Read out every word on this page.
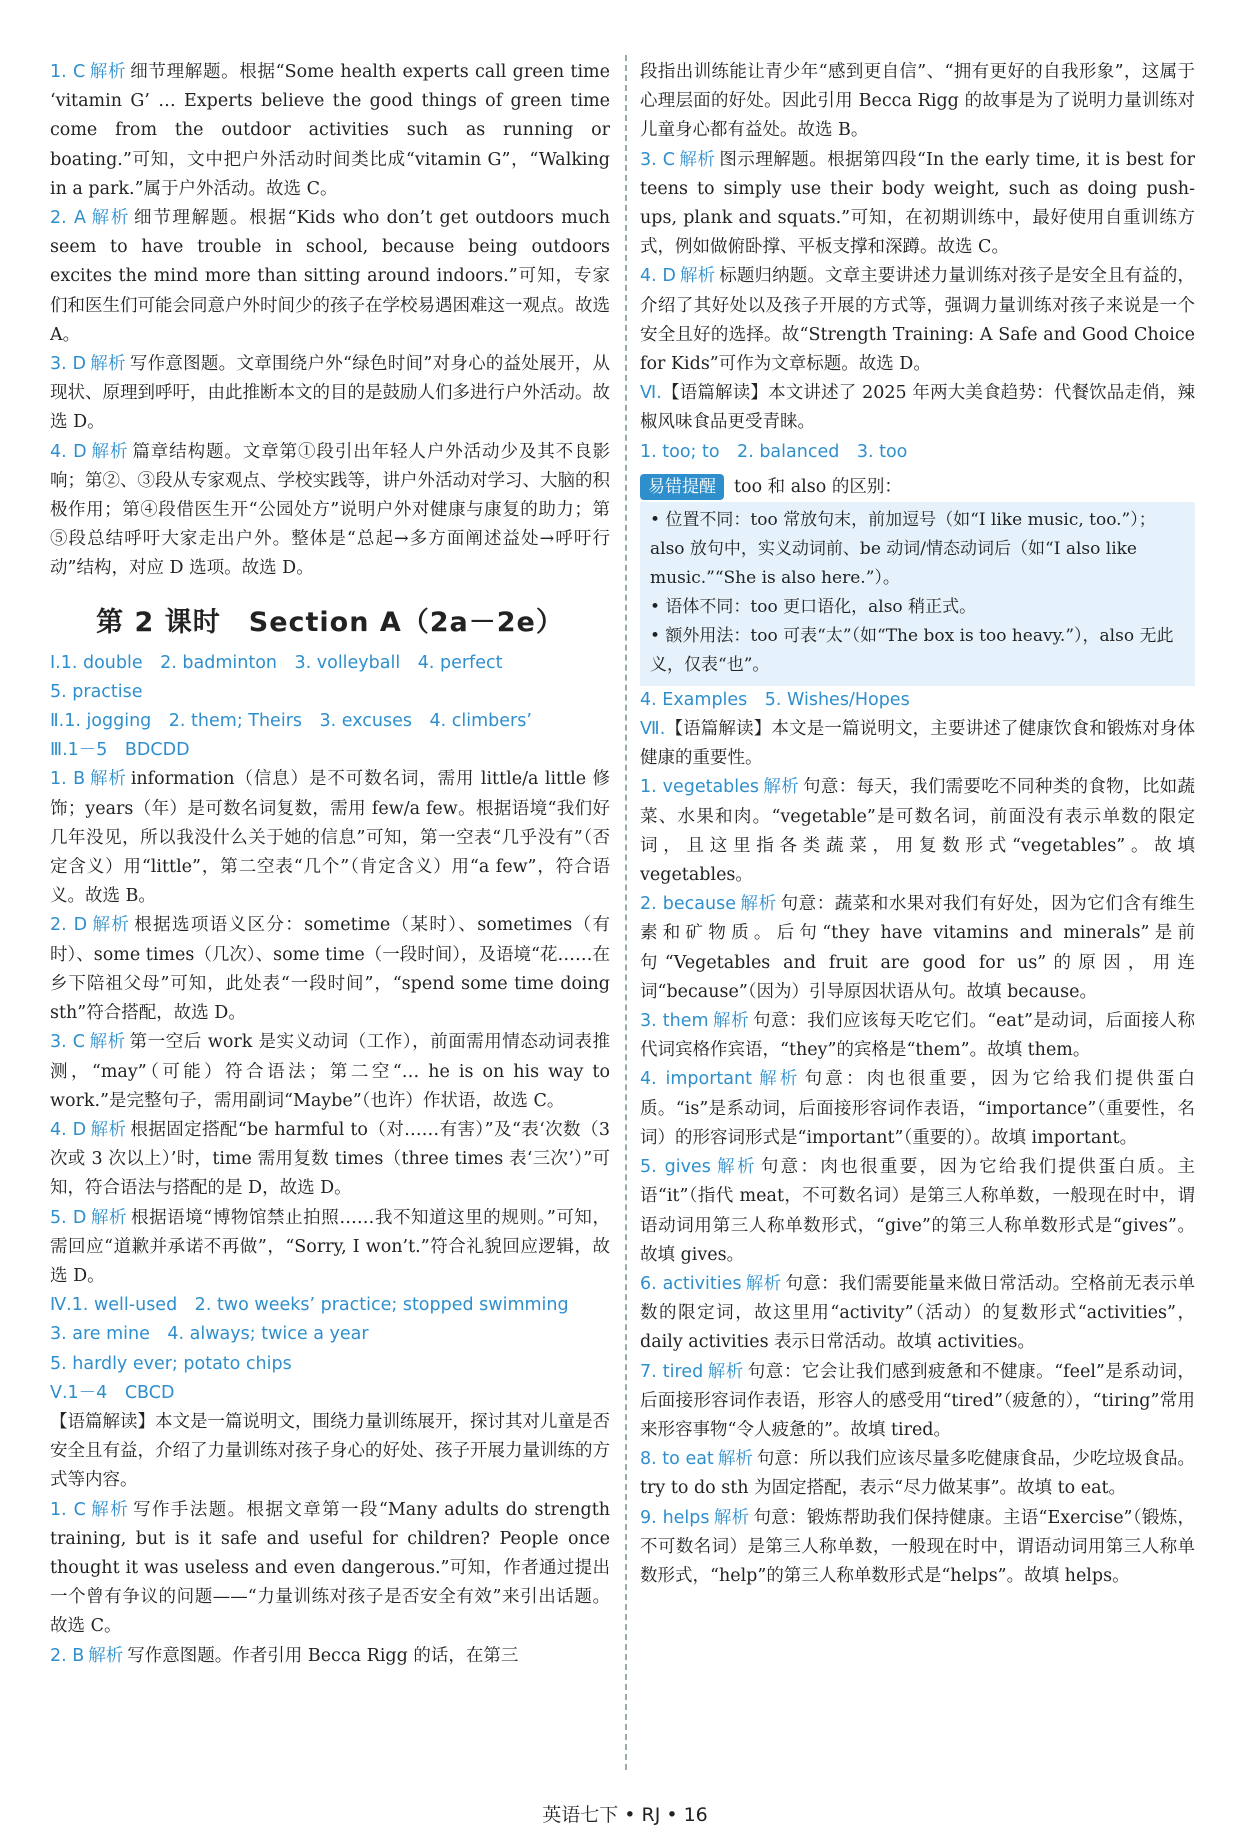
1. C 解析 细节理解题。根据“Some health experts call green time ‘vitamin G’ … Experts believe the good things of green time come from the outdoor activities such as running or boating.”可知，文中把户外活动时间类比成“vitamin G”，“Walking in a park.”属于户外活动。故选 C。

2. A 解析 细节理解题。根据“Kids who don’t get outdoors much seem to have trouble in school, because being outdoors excites the mind more than sitting around indoors.”可知，专家们和医生们可能会同意户外时间少的孩子在学校易遇困难这一观点。故选 A。

3. D 解析 写作意图题。文章围绕户外“绿色时间”对身心的益处展开，从现状、原理到呼吁，由此推断本文的目的是鼓励人们多进行户外活动。故选 D。

4. D 解析 篇章结构题。文章第①段引出年轻人户外活动少及其不良影响；第②、③段从专家观点、学校实践等，讲户外活动对学习、大脑的积极作用；第④段借医生开“公园处方”说明户外对健康与康复的助力；第⑤段总结呼吁大家走出户外。整体是“总起→多方面阐述益处→呼吁行动”结构，对应 D 选项。故选 D。

第 2 课时　Section A（2a－2e）

Ⅰ.1. double　2. badminton　3. volleyball　4. perfect

5. practise

Ⅱ.1. jogging　2. them; Theirs　3. excuses　4. climbers’

Ⅲ.1－5　BDCDD

1. B 解析 information（信息）是不可数名词，需用 little/a little 修饰；years（年）是可数名词复数，需用 few/a few。根据语境“我们好几年没见，所以我没什么关于她的信息”可知，第一空表“几乎没有”（否定含义）用“little”，第二空表“几个”（肯定含义）用“a few”，符合语义。故选 B。

2. D 解析 根据选项语义区分：sometime（某时）、sometimes（有时）、some times（几次）、some time（一段时间），及语境“花……在乡下陪祖父母”可知，此处表“一段时间”，“spend some time doing sth”符合搭配，故选 D。

3. C 解析 第一空后 work 是实义动词（工作），前面需用情态动词表推测，“may”（可能）符合语法；第二空“… he is on his way to work.”是完整句子，需用副词“Maybe”（也许）作状语，故选 C。

4. D 解析 根据固定搭配“be harmful to（对……有害）”及“表‘次数（3 次或 3 次以上）’时，time 需用复数 times（three times 表‘三次’）”可知，符合语法与搭配的是 D，故选 D。

5. D 解析 根据语境“博物馆禁止拍照……我不知道这里的规则。”可知，需回应“道歉并承诺不再做”，“Sorry, I won’t.”符合礼貌回应逻辑，故选 D。

Ⅳ.1. well-used　2. two weeks’ practice; stopped swimming

3. are mine　4. always; twice a year

5. hardly ever; potato chips

Ⅴ.1－4　CBCD

【语篇解读】本文是一篇说明文，围绕力量训练展开，探讨其对儿童是否安全且有益，介绍了力量训练对孩子身心的好处、孩子开展力量训练的方式等内容。

1. C 解析 写作手法题。根据文章第一段“Many adults do strength training, but is it safe and useful for children? People once thought it was useless and even dangerous.”可知，作者通过提出一个曾有争议的问题——“力量训练对孩子是否安全有效”来引出话题。故选 C。

2. B 解析 写作意图题。作者引用 Becca Rigg 的话，在第三

段指出训练能让青少年“感到更自信”、“拥有更好的自我形象”，这属于心理层面的好处。因此引用 Becca Rigg 的故事是为了说明力量训练对儿童身心都有益处。故选 B。

3. C 解析 图示理解题。根据第四段“In the early time, it is best for teens to simply use their body weight, such as doing push-ups, plank and squats.”可知，在初期训练中，最好使用自重训练方式，例如做俯卧撑、平板支撑和深蹲。故选 C。

4. D 解析 标题归纳题。文章主要讲述力量训练对孩子是安全且有益的，介绍了其好处以及孩子开展的方式等，强调力量训练对孩子来说是一个安全且好的选择。故“Strength Training: A Safe and Good Choice for Kids”可作为文章标题。故选 D。

Ⅵ.【语篇解读】本文讲述了 2025 年两大美食趋势：代餐饮品走俏，辣椒风味食品更受青睐。

1. too; to　2. balanced　3. too

易错提醒 too 和 also 的区别：

• 位置不同：too 常放句末，前加逗号（如“I like music, too.”）；also 放句中，实义动词前、be 动词/情态动词后（如“I also like music.”“She is also here.”）。
• 语体不同：too 更口语化，also 稍正式。
• 额外用法：too 可表“太”（如“The box is too heavy.”），also 无此义，仅表“也”。

4. Examples　5. Wishes/Hopes

Ⅶ.【语篇解读】本文是一篇说明文，主要讲述了健康饮食和锻炼对身体健康的重要性。

1. vegetables 解析 句意：每天，我们需要吃不同种类的食物，比如蔬菜、水果和肉。“vegetable”是可数名词，前面没有表示单数的限定词，且这里指各类蔬菜，用复数形式“vegetables”。故填 vegetables。

2. because 解析 句意：蔬菜和水果对我们有好处，因为它们含有维生素和矿物质。后句“they have vitamins and minerals”是前句“Vegetables and fruit are good for us”的原因，用连词“because”（因为）引导原因状语从句。故填 because。

3. them 解析 句意：我们应该每天吃它们。“eat”是动词，后面接人称代词宾格作宾语，“they”的宾格是“them”。故填 them。

4. important 解析 句意：肉也很重要，因为它给我们提供蛋白质。“is”是系动词，后面接形容词作表语，“importance”（重要性，名词）的形容词形式是“important”（重要的）。故填 important。

5. gives 解析 句意：肉也很重要，因为它给我们提供蛋白质。主语“it”（指代 meat，不可数名词）是第三人称单数，一般现在时中，谓语动词用第三人称单数形式，“give”的第三人称单数形式是“gives”。故填 gives。

6. activities 解析 句意：我们需要能量来做日常活动。空格前无表示单数的限定词，故这里用“activity”（活动）的复数形式“activities”，daily activities 表示日常活动。故填 activities。

7. tired 解析 句意：它会让我们感到疲惫和不健康。“feel”是系动词，后面接形容词作表语，形容人的感受用“tired”（疲惫的），“tiring”常用来形容事物“令人疲惫的”。故填 tired。

8. to eat 解析 句意：所以我们应该尽量多吃健康食品，少吃垃圾食品。try to do sth 为固定搭配，表示“尽力做某事”。故填 to eat。

9. helps 解析 句意：锻炼帮助我们保持健康。主语“Exercise”（锻炼，不可数名词）是第三人称单数，一般现在时中，谓语动词用第三人称单数形式，“help”的第三人称单数形式是“helps”。故填 helps。

英语七下 • RJ • 16
